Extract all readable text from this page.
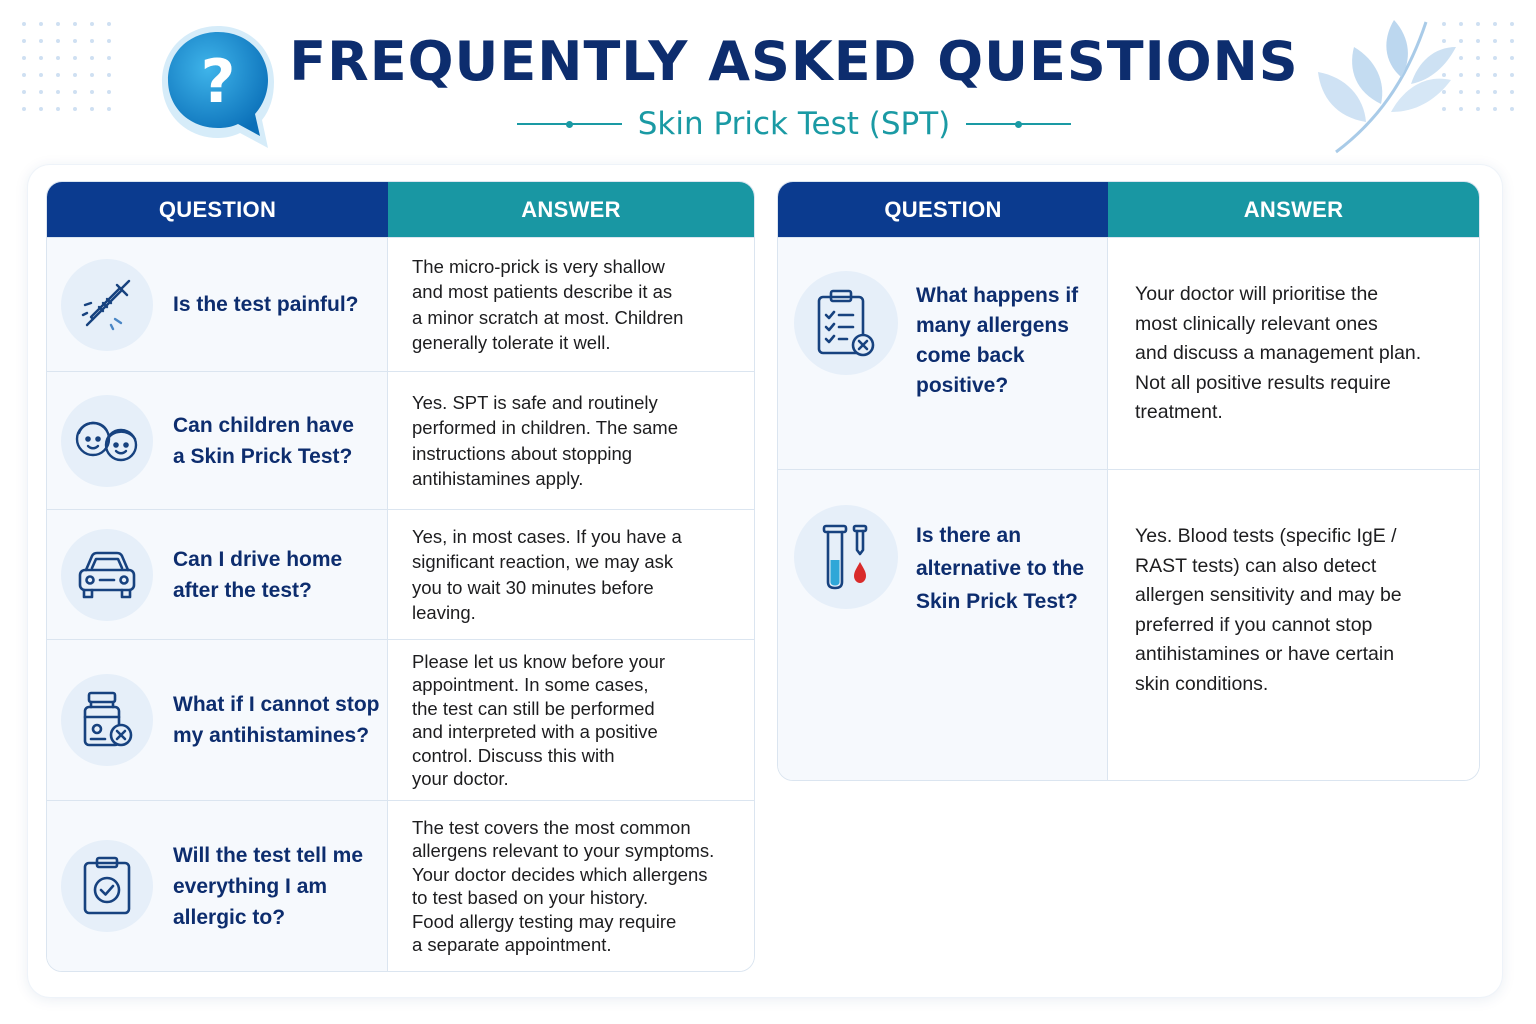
? FREQUENTLY ASKED QUESTIONS
Skin Prick Test (SPT)
QUESTION	ANSWER
Is the test painful?
The micro-prick is very shallow
and most patients describe it as
a minor scratch at most. Children
generally tolerate it well.
Can children have
a Skin Prick Test?
Yes. SPT is safe and routinely
performed in children. The same
instructions about stopping
antihistamines apply.
Can I drive home
after the test?
Yes, in most cases. If you have a
significant reaction, we may ask
you to wait 30 minutes before
leaving.
What if I cannot stop
my antihistamines?
Please let us know before your
appointment. In some cases,
the test can still be performed
and interpreted with a positive
control. Discuss this with
your doctor.
Will the test tell me
everything I am
allergic to?
The test covers the most common
allergens relevant to your symptoms.
Your doctor decides which allergens
to test based on your history.
Food allergy testing may require
a separate appointment.
QUESTION	ANSWER
What happens if
many allergens
come back
positive?
Your doctor will prioritise the
most clinically relevant ones
and discuss a management plan.
Not all positive results require
treatment.
Is there an
alternative to the
Skin Prick Test?
Yes. Blood tests (specific IgE /
RAST tests) can also detect
allergen sensitivity and may be
preferred if you cannot stop
antihistamines or have certain
skin conditions.
